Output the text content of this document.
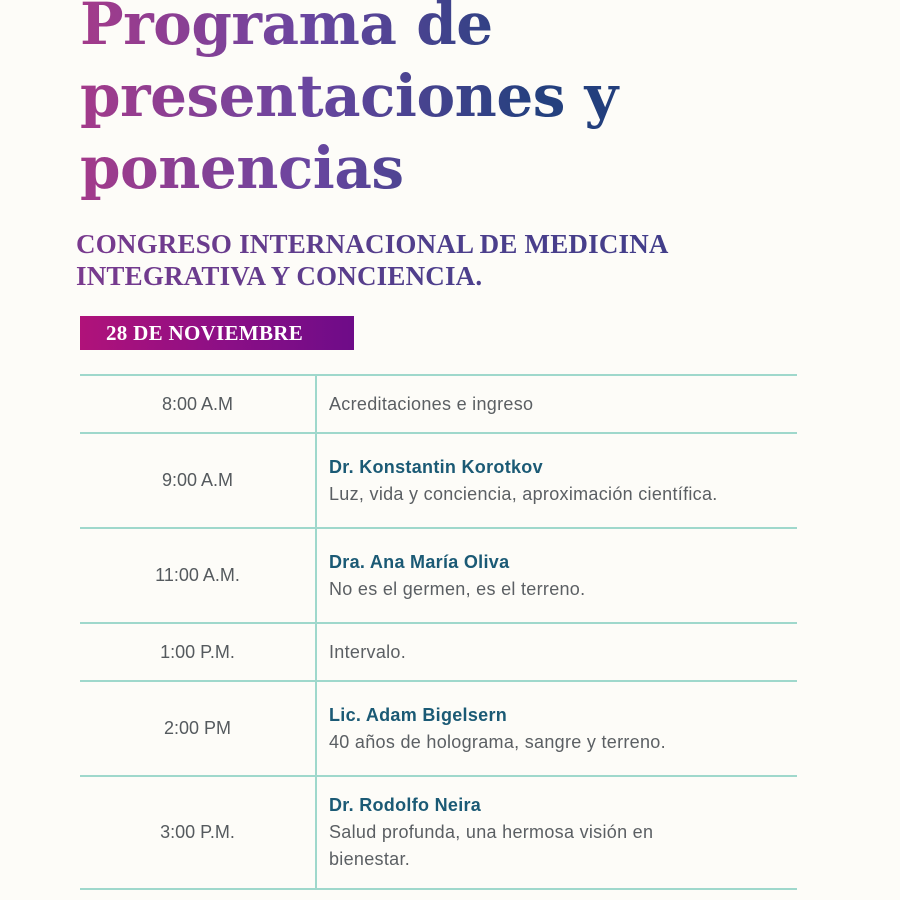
Programa de
presentaciones y
ponencias
CONGRESO INTERNACIONAL DE MEDICINA
INTEGRATIVA Y CONCIENCIA.
28 DE NOVIEMBRE
8:00 A.M	Acreditaciones e ingreso

9:00 A.M	Dr. Konstantin Korotkov
Luz, vida y conciencia, aproximación científica.

11:00 A.M.	Dra. Ana María Oliva
No es el germen, es el terreno.

1:00 P.M.	Intervalo.

2:00 PM	Lic. Adam Bigelsern
40 años de holograma, sangre y terreno.

3:00 P.M.	Dr. Rodolfo Neira
Salud profunda, una hermosa visión en bienestar.
